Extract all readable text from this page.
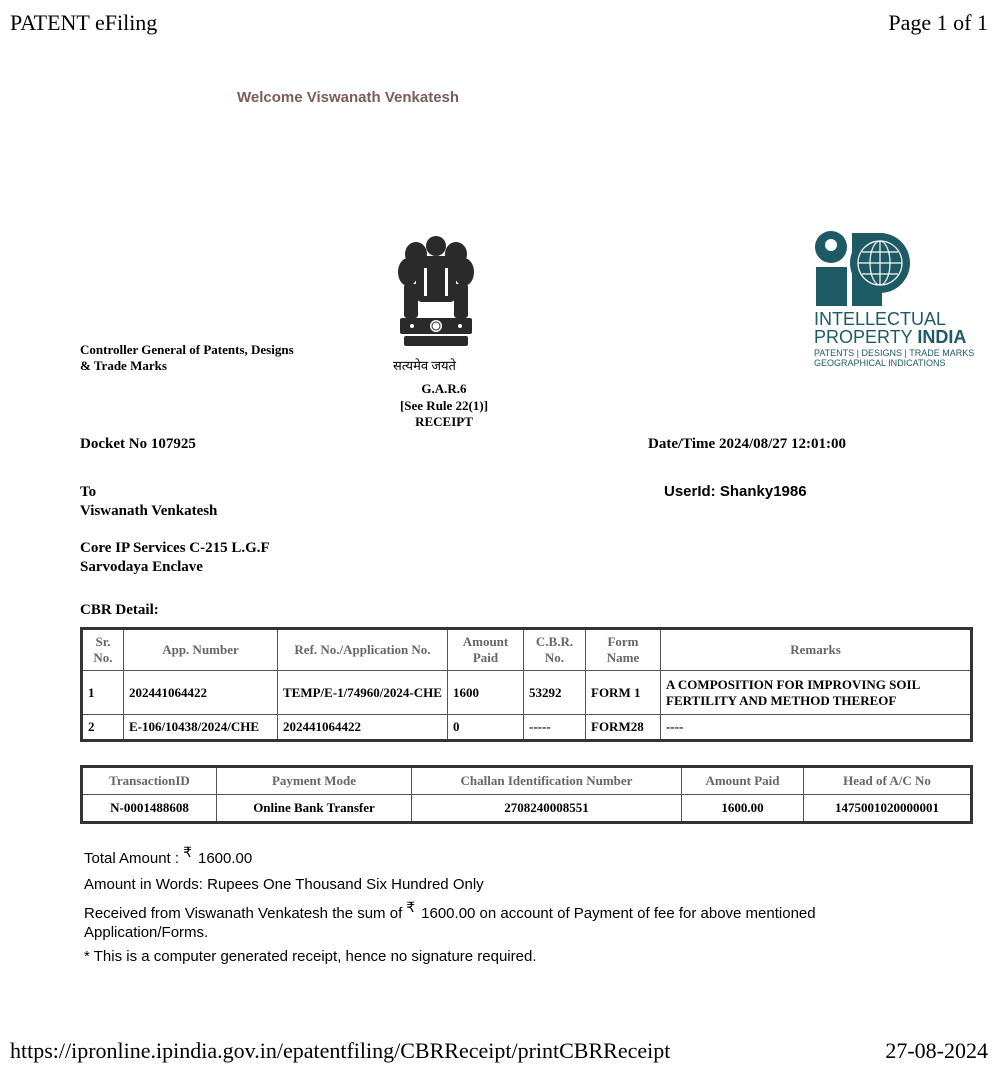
PATENT eFiling	Page 1 of 1
Welcome Viswanath Venkatesh
Controller General of Patents, Designs
& Trade Marks	सत्यमेव जयते
G.A.R.6
[See Rule 22(1)]
RECEIPT
INTELLECTUAL
PROPERTY INDIA
PATENTS | DESIGNS | TRADE MARKS
GEOGRAPHICAL INDICATIONS
Docket No 107925	Date/Time 2024/08/27 12:01:00
To
Viswanath Venkatesh
UserId: Shanky1986
Core IP Services C-215 L.G.F
Sarvodaya Enclave
CBR Detail:
Sr. No.	App. Number	Ref. No./Application No.	Amount Paid	C.B.R. No.	Form Name	Remarks
1	202441064422	TEMP/E-1/74960/2024-CHE	1600	53292	FORM 1	A COMPOSITION FOR IMPROVING SOIL FERTILITY AND METHOD THEREOF
2	E-106/10438/2024/CHE	202441064422	0	-----	FORM28	----
TransactionID	Payment Mode	Challan Identification Number	Amount Paid	Head of A/C No
N-0001488608	Online Bank Transfer	2708240008551	1600.00	1475001020000001
Total Amount : ₹ 1600.00
Amount in Words: Rupees One Thousand Six Hundred Only
Received from Viswanath Venkatesh the sum of ₹ 1600.00 on account of Payment of fee for above mentioned Application/Forms.
* This is a computer generated receipt, hence no signature required.
https://ipronline.ipindia.gov.in/epatentfiling/CBRReceipt/printCBRReceipt	27-08-2024
